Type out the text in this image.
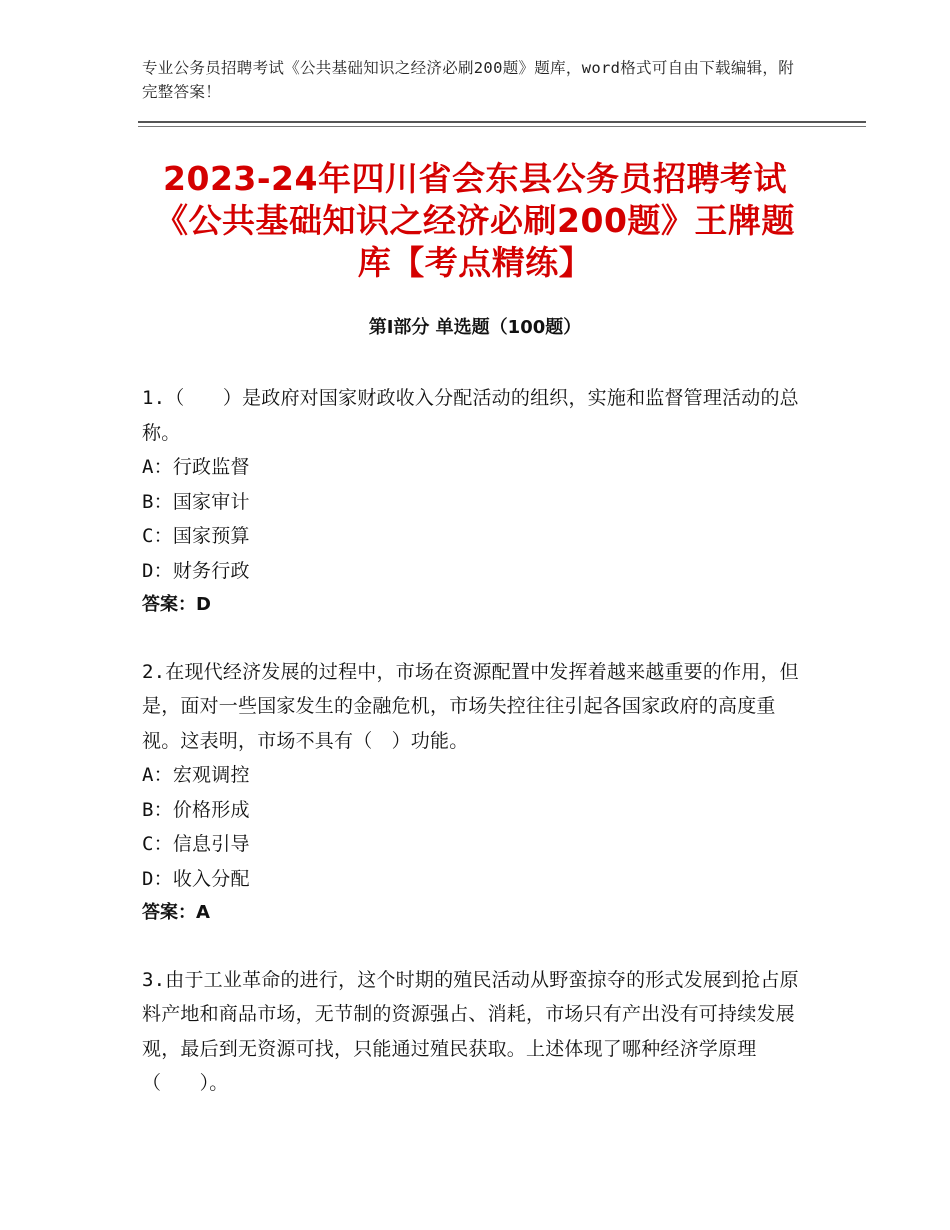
专业公务员招聘考试《公共基础知识之经济必刷200题》题库，word格式可自由下载编辑，附完整答案！
2023-24年四川省会东县公务员招聘考试《公共基础知识之经济必刷200题》王牌题库【考点精练】
第Ⅰ部分 单选题（100题）
1.（　　）是政府对国家财政收入分配活动的组织，实施和监督管理活动的总称。
A：行政监督
B：国家审计
C：国家预算
D：财务行政
答案：D
2.在现代经济发展的过程中，市场在资源配置中发挥着越来越重要的作用，但是，面对一些国家发生的金融危机，市场失控往往引起各国家政府的高度重视。这表明，市场不具有（　）功能。
A：宏观调控
B：价格形成
C：信息引导
D：收入分配
答案：A
3.由于工业革命的进行，这个时期的殖民活动从野蛮掠夺的形式发展到抢占原料产地和商品市场，无节制的资源强占、消耗，市场只有产出没有可持续发展观，最后到无资源可找，只能通过殖民获取。上述体现了哪种经济学原理（　　）。
